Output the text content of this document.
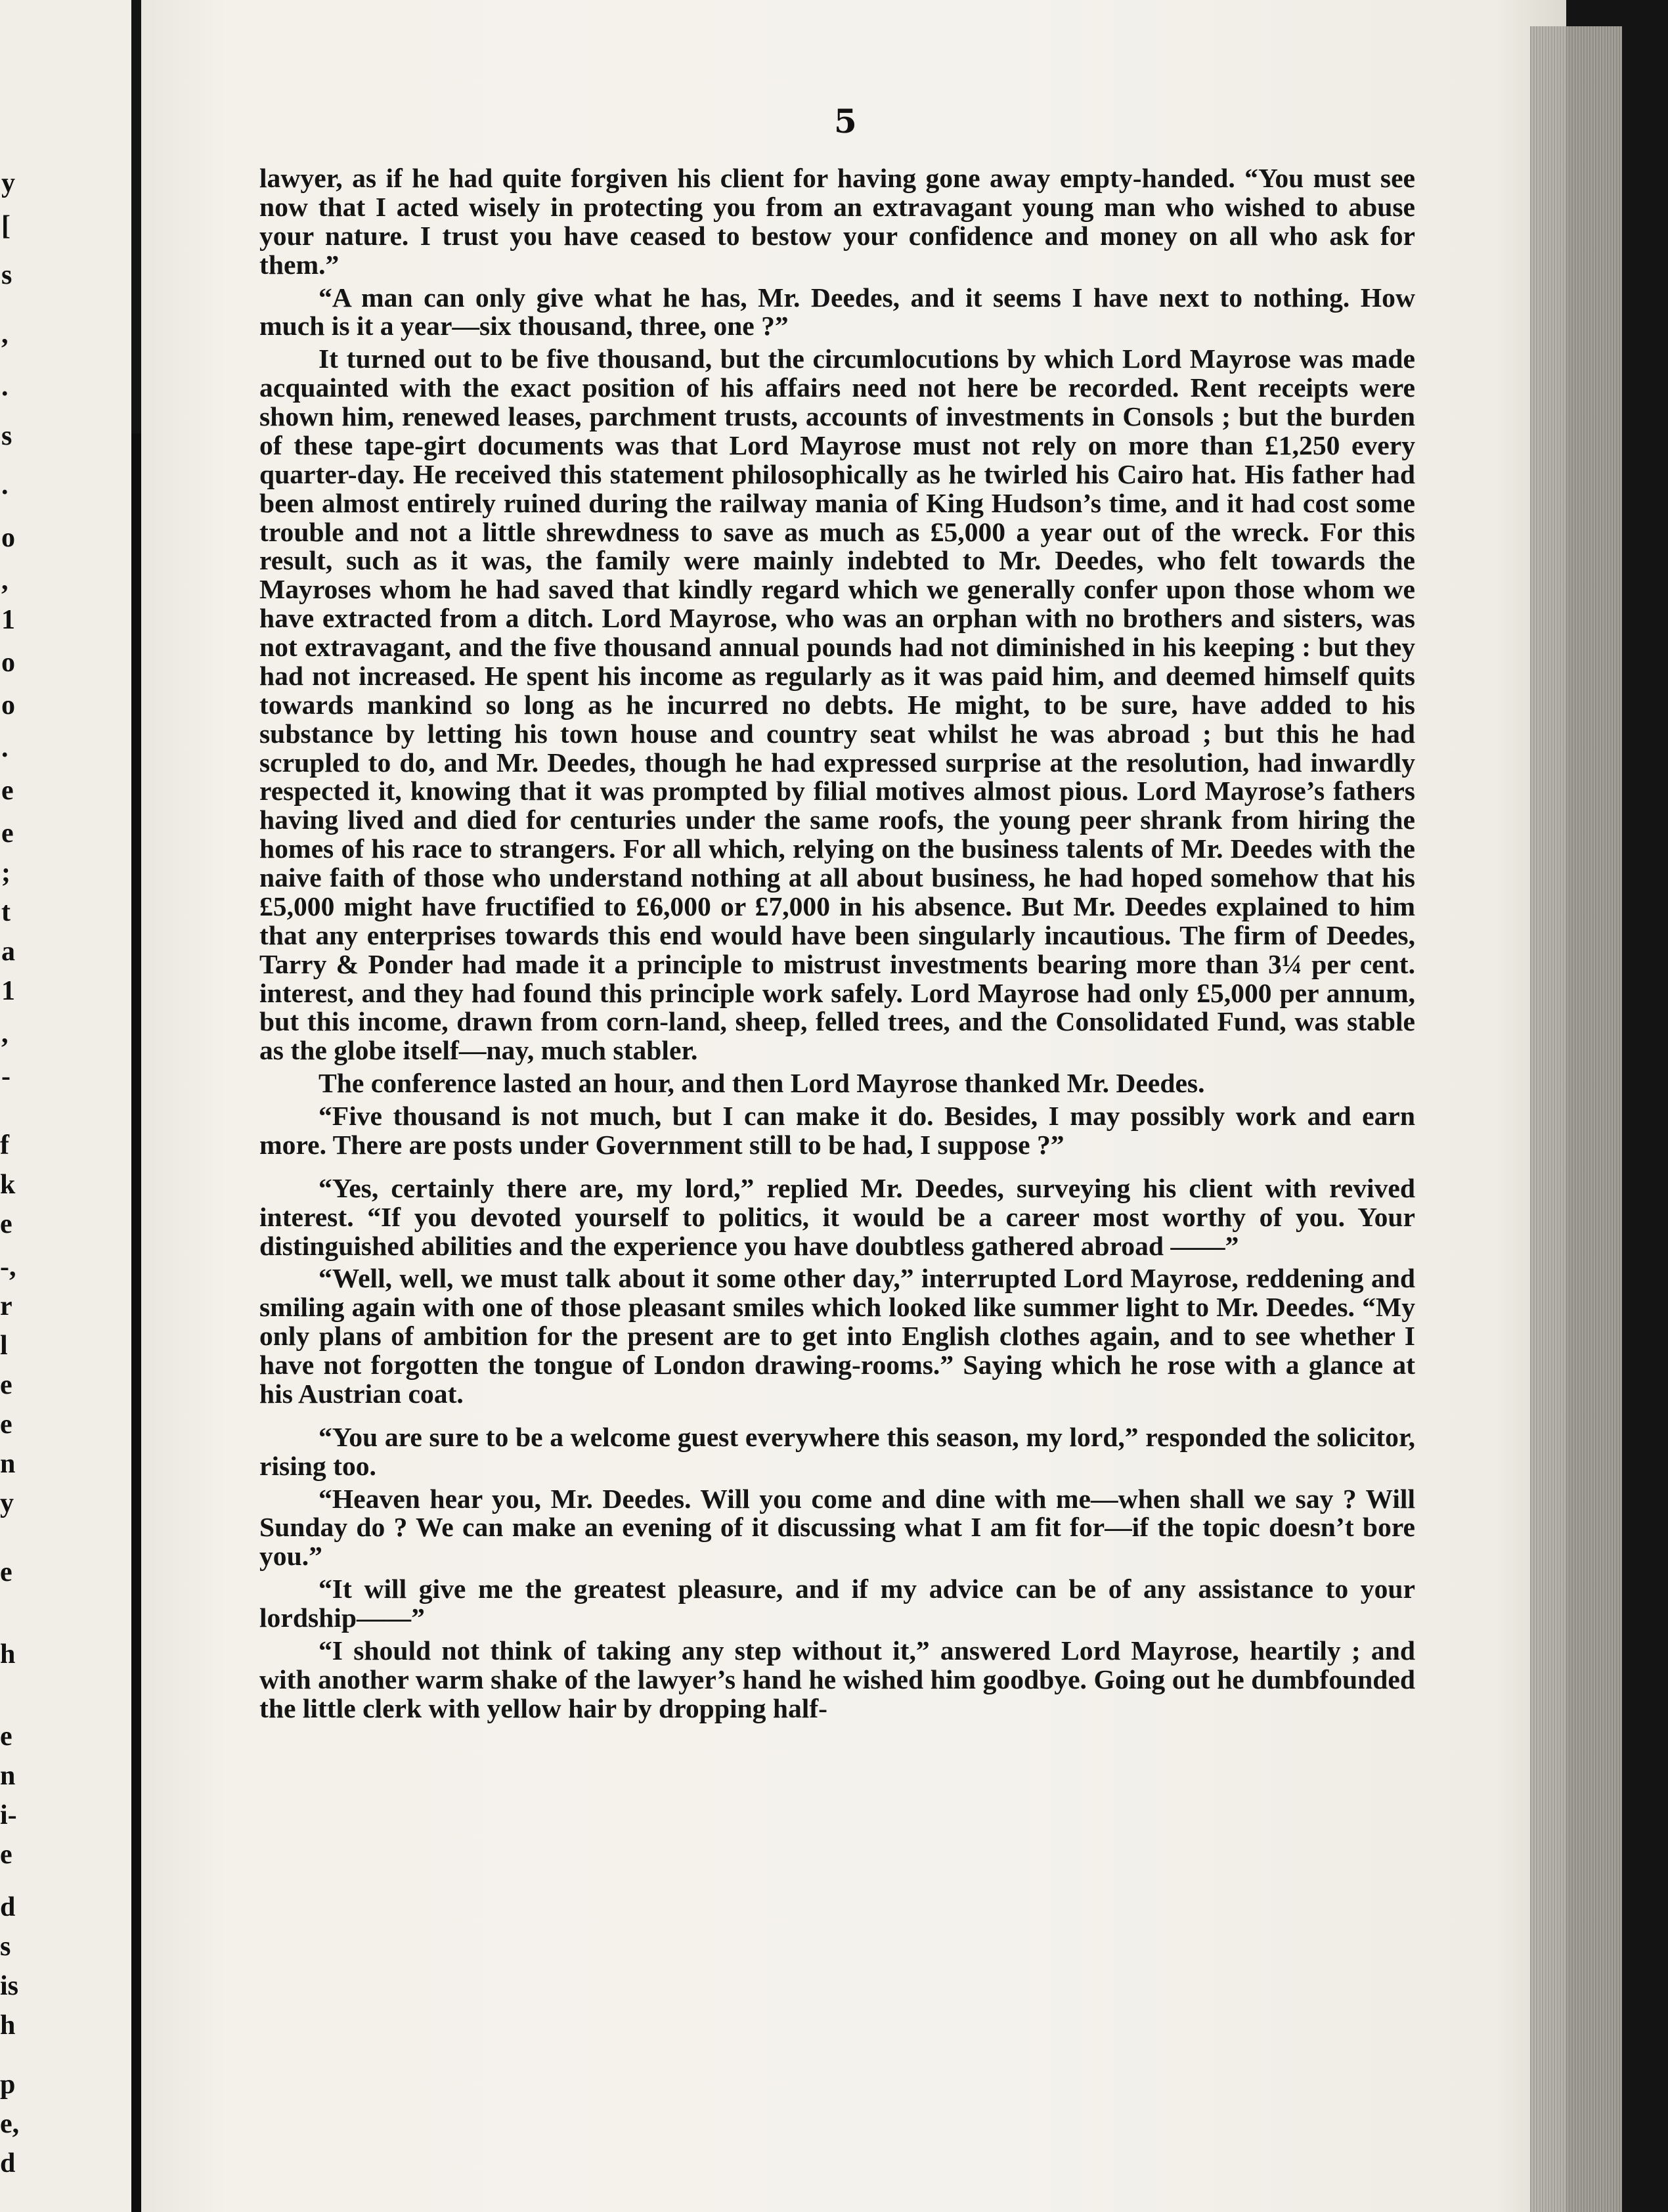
y
[
s
,
.
s
.
o
,
1
o
o
.
e
e
;
t
a
1
,
-
f
k
e
-,
r
l
e
e
n
y
e
h
e
n
i-
e
d
s
is
h
p
e,
d
5

lawyer, as if he had quite forgiven his client for having gone away empty-handed. “You must see now that I acted wisely in protecting you from an extravagant young man who wished to abuse your nature. I trust you have ceased to bestow your confidence and money on all who ask for them.”

“A man can only give what he has, Mr. Deedes, and it seems I have next to nothing. How much is it a year—six thousand, three, one ?”

It turned out to be five thousand, but the circumlocutions by which Lord Mayrose was made acquainted with the exact position of his affairs need not here be recorded. Rent receipts were shown him, renewed leases, parchment trusts, accounts of investments in Consols ; but the burden of these tape-girt documents was that Lord Mayrose must not rely on more than £1,250 every quarter-day. He received this statement philosophically as he twirled his Cairo hat. His father had been almost entirely ruined during the railway mania of King Hudson’s time, and it had cost some trouble and not a little shrewdness to save as much as £5,000 a year out of the wreck. For this result, such as it was, the family were mainly indebted to Mr. Deedes, who felt towards the Mayroses whom he had saved that kindly regard which we generally confer upon those whom we have extracted from a ditch. Lord Mayrose, who was an orphan with no brothers and sisters, was not extravagant, and the five thousand annual pounds had not diminished in his keeping : but they had not increased. He spent his income as regularly as it was paid him, and deemed himself quits towards mankind so long as he incurred no debts. He might, to be sure, have added to his substance by letting his town house and country seat whilst he was abroad ; but this he had scrupled to do, and Mr. Deedes, though he had expressed surprise at the resolution, had inwardly respected it, knowing that it was prompted by filial motives almost pious. Lord Mayrose’s fathers having lived and died for centuries under the same roofs, the young peer shrank from hiring the homes of his race to strangers. For all which, relying on the business talents of Mr. Deedes with the naive faith of those who understand nothing at all about business, he had hoped somehow that his £5,000 might have fructified to £6,000 or £7,000 in his absence. But Mr. Deedes explained to him that any enterprises towards this end would have been singularly incautious. The firm of Deedes, Tarry & Ponder had made it a principle to mistrust investments bearing more than 3¼ per cent. interest, and they had found this principle work safely. Lord Mayrose had only £5,000 per annum, but this income, drawn from corn-land, sheep, felled trees, and the Consolidated Fund, was stable as the globe itself—nay, much stabler.

The conference lasted an hour, and then Lord Mayrose thanked Mr. Deedes.

“Five thousand is not much, but I can make it do. Besides, I may possibly work and earn more. There are posts under Government still to be had, I suppose ?”

“Yes, certainly there are, my lord,” replied Mr. Deedes, surveying his client with revived interest. “If you devoted yourself to politics, it would be a career most worthy of you. Your distinguished abilities and the experience you have doubtless gathered abroad ——”

“Well, well, we must talk about it some other day,” interrupted Lord Mayrose, reddening and smiling again with one of those pleasant smiles which looked like summer light to Mr. Deedes. “My only plans of ambition for the present are to get into English clothes again, and to see whether I have not forgotten the tongue of London drawing-rooms.” Saying which he rose with a glance at his Austrian coat.

“You are sure to be a welcome guest everywhere this season, my lord,” responded the solicitor, rising too.

“Heaven hear you, Mr. Deedes. Will you come and dine with me—when shall we say ? Will Sunday do ? We can make an evening of it discussing what I am fit for—if the topic doesn’t bore you.”

“It will give me the greatest pleasure, and if my advice can be of any assistance to your lordship——”

“I should not think of taking any step without it,” answered Lord Mayrose, heartily ; and with another warm shake of the lawyer’s hand he wished him goodbye. Going out he dumbfounded the little clerk with yellow hair by dropping half-
